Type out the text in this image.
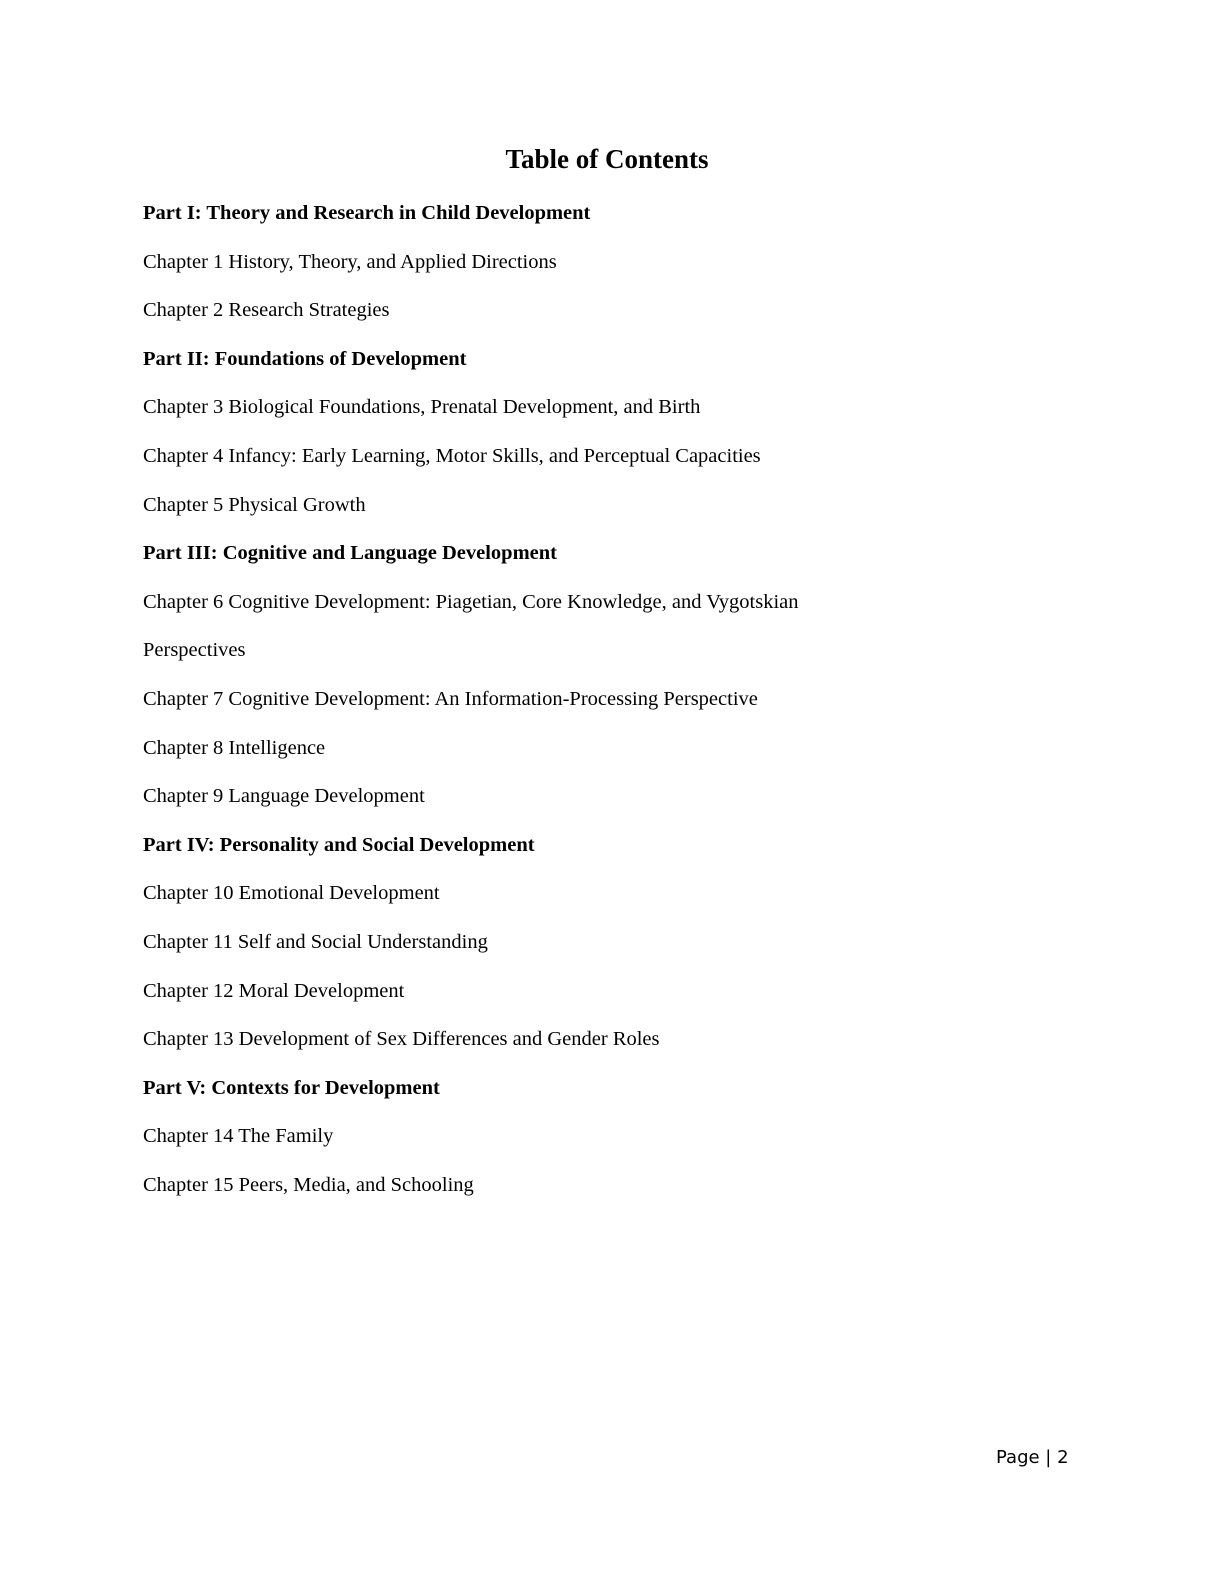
Table of Contents
Part I: Theory and Research in Child Development
Chapter 1 History, Theory, and Applied Directions
Chapter 2 Research Strategies
Part II: Foundations of Development
Chapter 3 Biological Foundations, Prenatal Development, and Birth
Chapter 4 Infancy: Early Learning, Motor Skills, and Perceptual Capacities
Chapter 5 Physical Growth
Part III: Cognitive and Language Development
Chapter 6 Cognitive Development: Piagetian, Core Knowledge, and Vygotskian
Perspectives
Chapter 7 Cognitive Development: An Information-Processing Perspective
Chapter 8 Intelligence
Chapter 9 Language Development
Part IV: Personality and Social Development
Chapter 10 Emotional Development
Chapter 11 Self and Social Understanding
Chapter 12 Moral Development
Chapter 13 Development of Sex Differences and Gender Roles
Part V: Contexts for Development
Chapter 14 The Family
Chapter 15 Peers, Media, and Schooling
Page | 2
